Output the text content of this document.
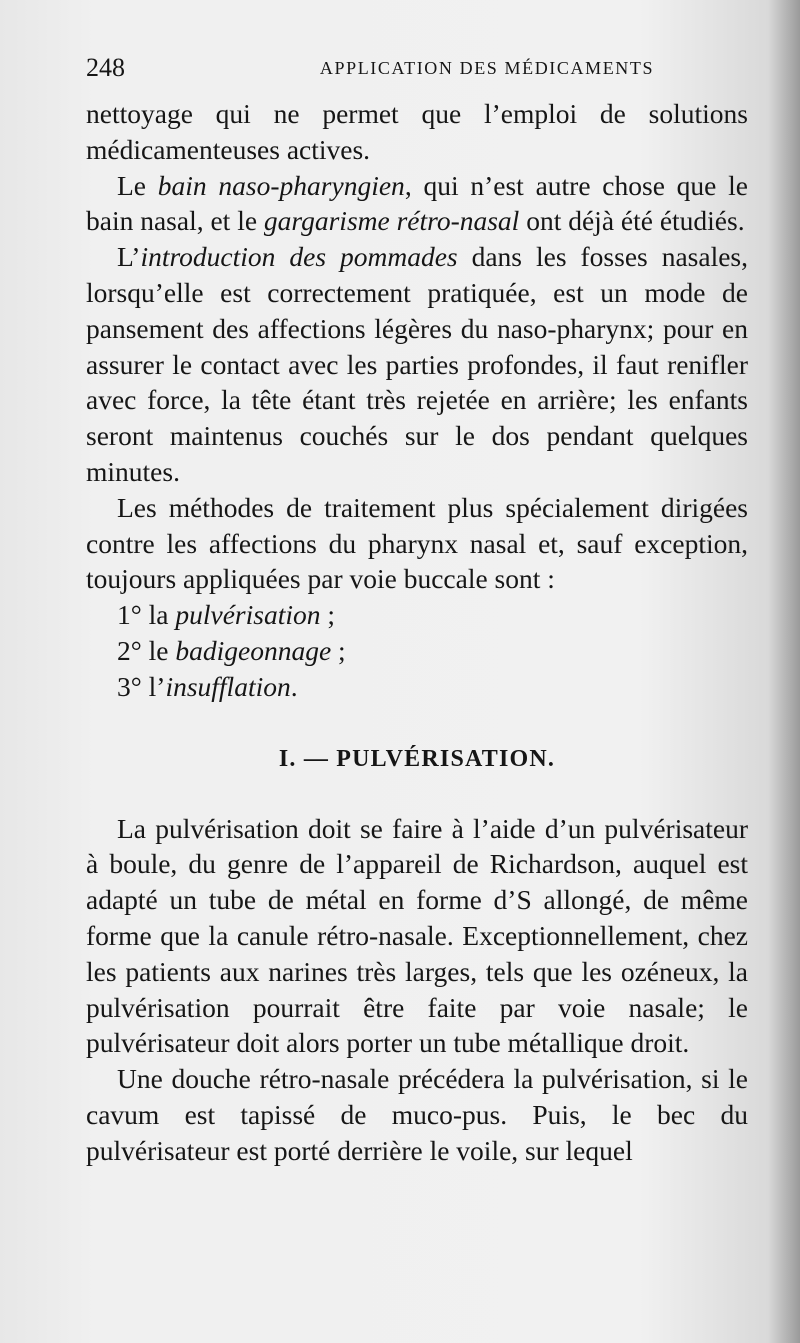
248	APPLICATION DES MÉDICAMENTS

nettoyage qui ne permet que l’emploi de solutions médicamenteuses actives.

Le bain naso-pharyngien, qui n’est autre chose que le bain nasal, et le gargarisme rétro-nasal ont déjà été étudiés.

L’introduction des pommades dans les fosses nasales, lorsqu’elle est correctement pratiquée, est un mode de pansement des affections légères du naso-pharynx; pour en assurer le contact avec les parties profondes, il faut renifler avec force, la tête étant très rejetée en arrière; les enfants seront maintenus couchés sur le dos pendant quelques minutes.

Les méthodes de traitement plus spécialement dirigées contre les affections du pharynx nasal et, sauf exception, toujours appliquées par voie buccale sont :

1° la pulvérisation ;
2° le badigeonnage ;
3° l’insufflation.
I. — PULVÉRISATION.

La pulvérisation doit se faire à l’aide d’un pulvérisateur à boule, du genre de l’appareil de Richardson, auquel est adapté un tube de métal en forme d’S allongé, de même forme que la canule rétro-nasale. Exceptionnellement, chez les patients aux narines très larges, tels que les ozéneux, la pulvérisation pourrait être faite par voie nasale; le pulvérisateur doit alors porter un tube métallique droit.

Une douche rétro-nasale précédera la pulvérisation, si le cavum est tapissé de muco-pus. Puis, le bec du pulvérisateur est porté derrière le voile, sur lequel
